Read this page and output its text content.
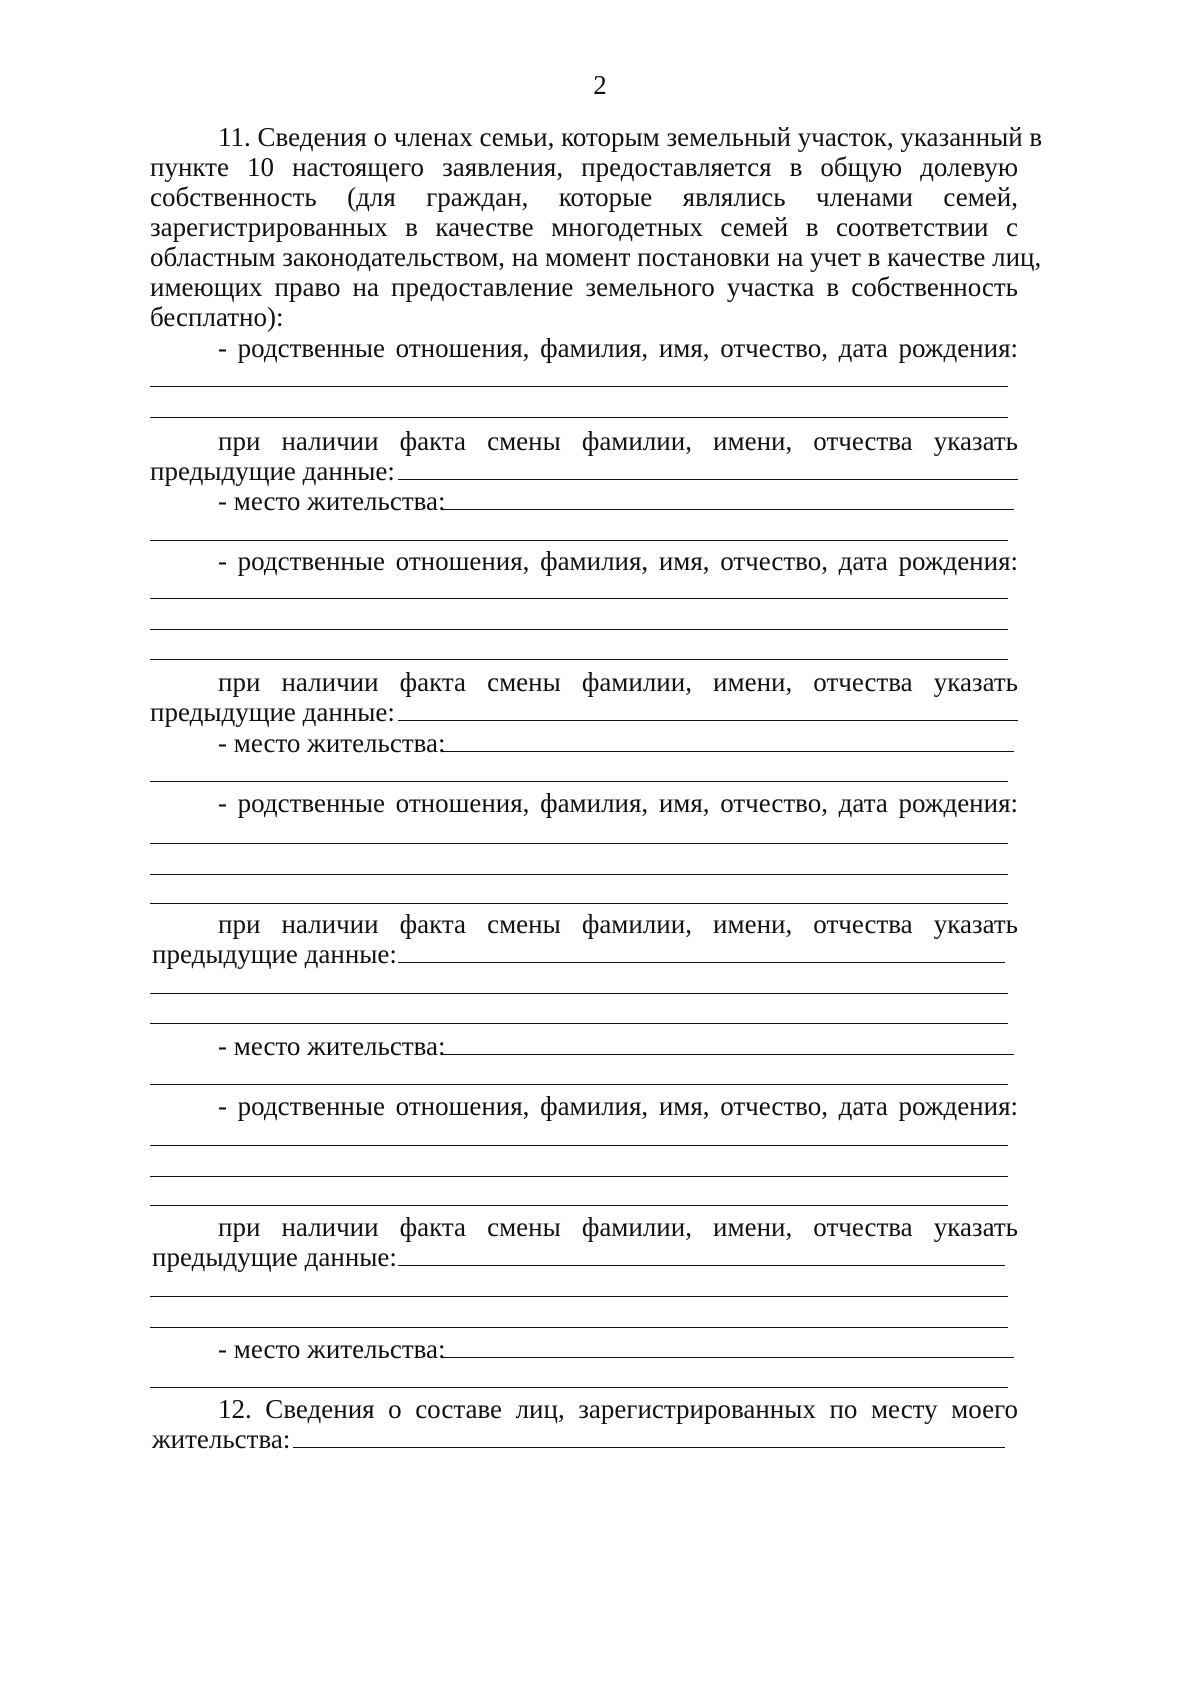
2
11. Сведения о членах семьи, которым земельный участок, указанный в
пункте 10 настоящего заявления, предоставляется в общую долевую
собственность (для граждан, которые являлись членами семей,
зарегистрированных в качестве многодетных семей в соответствии с
областным законодательством, на момент постановки на учет в качестве лиц,
имеющих право на предоставление земельного участка в собственность
бесплатно):
- родственные отношения, фамилия, имя, отчество, дата рождения:
при наличии факта смены фамилии, имени, отчества указать
предыдущие данные:
- место жительства:
- родственные отношения, фамилия, имя, отчество, дата рождения:
при наличии факта смены фамилии, имени, отчества указать
предыдущие данные:
- место жительства:
- родственные отношения, фамилия, имя, отчество, дата рождения:
при наличии факта смены фамилии, имени, отчества указать
предыдущие данные:
- место жительства:
- родственные отношения, фамилия, имя, отчество, дата рождения:
при наличии факта смены фамилии, имени, отчества указать
предыдущие данные:
- место жительства:
12. Сведения о составе лиц, зарегистрированных по месту моего
жительства:
